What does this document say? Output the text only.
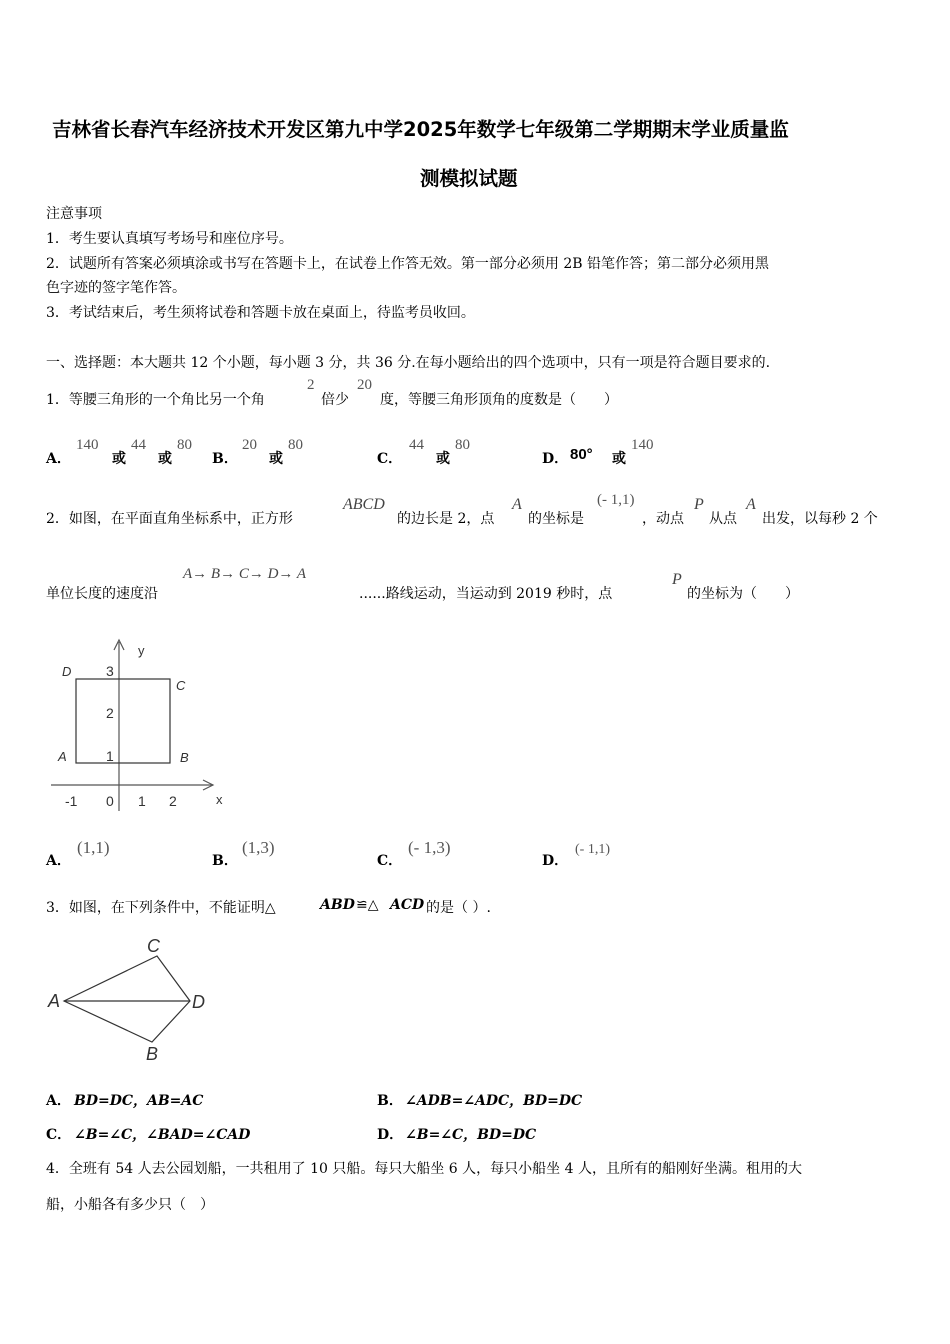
吉林省长春汽车经济技术开发区第九中学2025年数学七年级第二学期期末学业质量监
测模拟试题
注意事项
1．考生要认真填写考场号和座位序号。
2．试题所有答案必须填涂或书写在答题卡上，在试卷上作答无效。第一部分必须用 2B 铅笔作答；第二部分必须用黑
色字迹的签字笔作答。
3．考试结束后，考生须将试卷和答题卡放在桌面上，待监考员收回。
一、选择题：本大题共 12 个小题，每小题 3 分，共 36 分.在每小题给出的四个选项中，只有一项是符合题目要求的.
1．等腰三角形的一个角比另一个角
2
倍少
20
度，等腰三角形顶角的度数是（　　）
A．
140
或
44
或
80
B．
20
或
80
C．
44
或
80
D． 80° 或
140
2．如图，在平面直角坐标系中，正方形
ABCD
的边长是 2，点
A
的坐标是
(- 1,1)
，动点
P
从点
A
出发，以每秒 2 个
单位长度的速度沿
A→ B→ C→ D→ A
......路线运动，当运动到 2019 秒时，点
P
的坐标为（　　）
y
x
D
C
A	B
3
2
1
-1 0 1 2
A．
(1,1)
B．
(1,3)
C．
(- 1,3)
D．
(- 1,1)
3．如图，在下列条件中，不能证明△	ABD ≌△ ACD 的是（ ）.
C
A	D
B
A． BD=DC，AB=AC	B． ∠ADB=∠ADC，BD=DC
C． ∠B=∠C，∠BAD=∠CAD	D． ∠B=∠C，BD=DC
4．全班有 54 人去公园划船，一共租用了 10 只船。每只大船坐 6 人，每只小船坐 4 人，且所有的船刚好坐满。租用的大
船，小船各有多少只（　）
